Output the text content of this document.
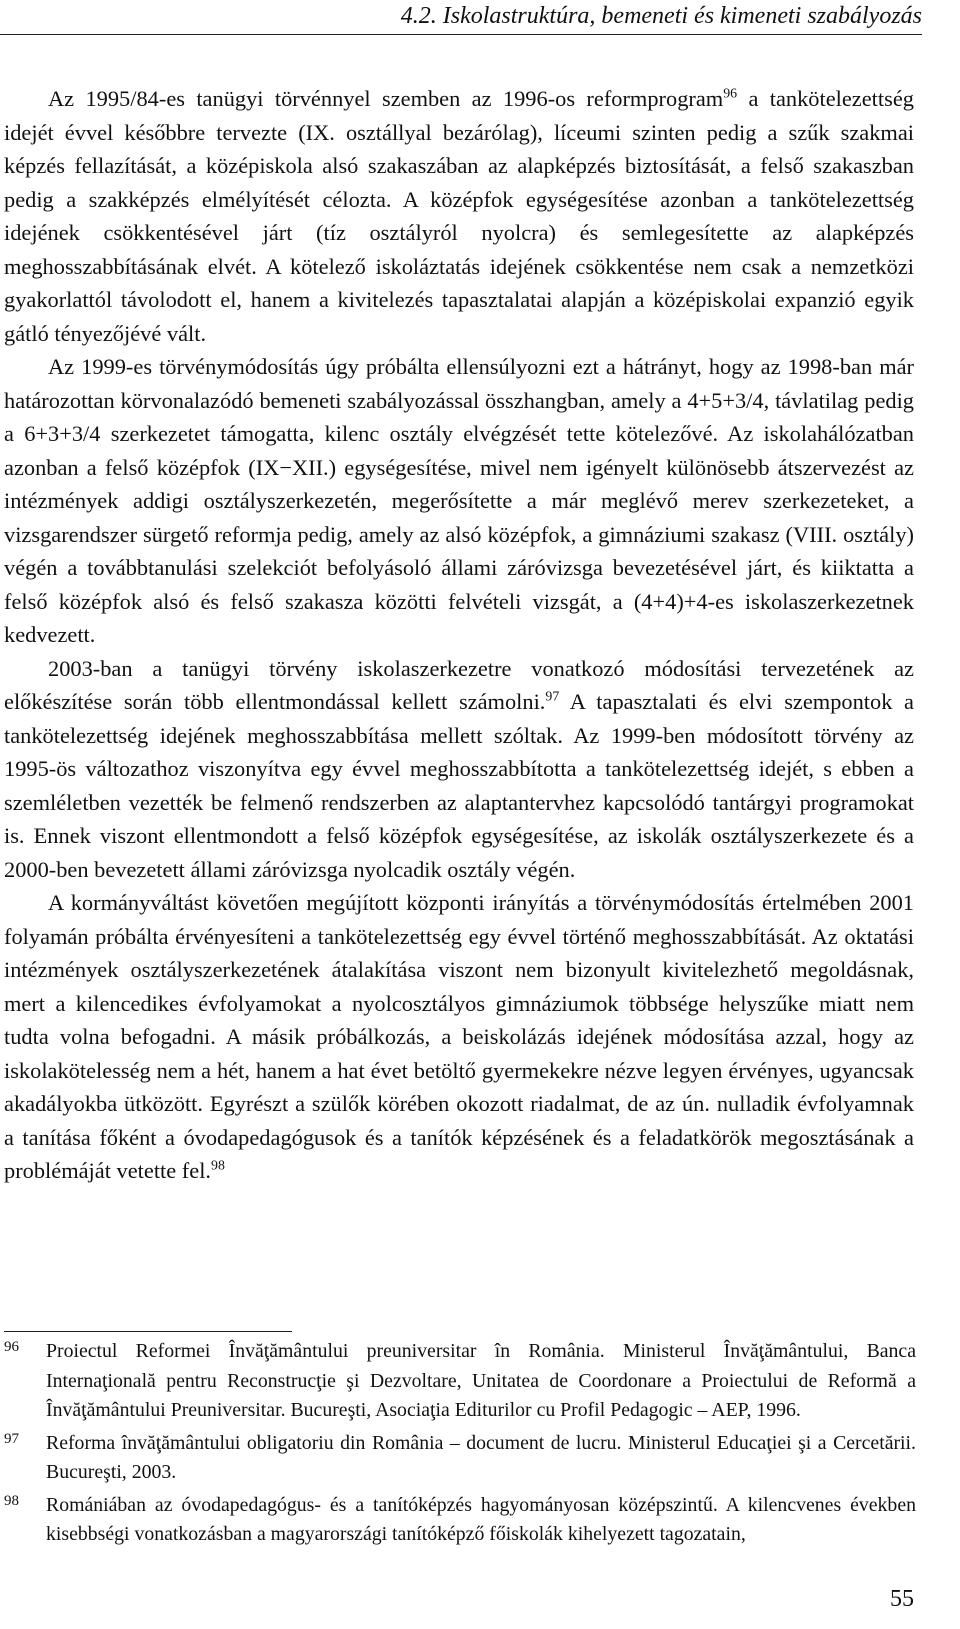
4.2. Iskolastruktúra, bemeneti és kimeneti szabályozás

Az 1995/84-es tanügyi törvénnyel szemben az 1996-os reformprogram$^{96}$ a tankötelezettség idejét évvel későbbre tervezte (IX. osztállyal bezárólag), líceumi szinten pedig a szűk szakmai képzés fellazítását, a középiskola alsó szakaszában az alapképzés biztosítását, a felső szakaszban pedig a szakképzés elmélyítését célozta. A középfok egységesítése azonban a tankötelezettség idejének csökkentésével járt (tíz osztályról nyolcra) és semlegesítette az alapképzés meghosszabbításának elvét. A kötelező iskoláztatás idejének csökkentése nem csak a nemzetközi gyakorlattól távolodott el, hanem a kivitelezés tapasztalatai alapján a középiskolai expanzió egyik gátló tényezőjévé vált.

Az 1999-es törvénymódosítás úgy próbálta ellensúlyozni ezt a hátrányt, hogy az 1998-ban már határozottan körvonalazódó bemeneti szabályozással összhangban, amely a 4+5+3/4, távlatilag pedig a 6+3+3/4 szerkezetet támogatta, kilenc osztály elvégzését tette kötelezővé. Az iskolahálózatban azonban a felső középfok (IX−XII.) egységesítése, mivel nem igényelt különösebb átszervezést az intézmények addigi osztályszerkezetén, megerősítette a már meglévő merev szerkezeteket, a vizsgarendszer sürgető reformja pedig, amely az alsó középfok, a gimnáziumi szakasz (VIII. osztály) végén a továbbtanulási szelekciót befolyásoló állami záróvizsga bevezetésével járt, és kiiktatta a felső középfok alsó és felső szakasza közötti felvételi vizsgát, a (4+4)+4-es iskolaszerkezetnek kedvezett.

2003-ban a tanügyi törvény iskolaszerkezetre vonatkozó módosítási tervezetének az előkészítése során több ellentmondással kellett számolni.$^{97}$ A tapasztalati és elvi szempontok a tankötelezettség idejének meghosszabbítása mellett szóltak. Az 1999-ben módosított törvény az 1995-ös változathoz viszonyítva egy évvel meghosszabbította a tankötelezettség idejét, s ebben a szemléletben vezették be felmenő rendszerben az alaptantervhez kapcsolódó tantárgyi programokat is. Ennek viszont ellentmondott a felső középfok egységesítése, az iskolák osztályszerkezete és a 2000-ben bevezetett állami záróvizsga nyolcadik osztály végén.

A kormányváltást követően megújított központi irányítás a törvénymódosítás értelmében 2001 folyamán próbálta érvényesíteni a tankötelezettség egy évvel történő meghosszabbítását. Az oktatási intézmények osztályszerkezetének átalakítása viszont nem bizonyult kivitelezhető megoldásnak, mert a kilencedikes évfolyamokat a nyolcosztályos gimnáziumok többsége helyszűke miatt nem tudta volna befogadni. A másik próbálkozás, a beiskolázás idejének módosítása azzal, hogy az iskolakötelesség nem a hét, hanem a hat évet betöltő gyermekekre nézve legyen érvényes, ugyancsak akadályokba ütközött. Egyrészt a szülők körében okozott riadalmat, de az ún. nulladik évfolyamnak a tanítása főként a óvodapedagógusok és a tanítók képzésének és a feladatkörök megosztásának a problémáját vetette fel.$^{98}$

96 Proiectul Reformei Învăţământului preuniversitar în România. Ministerul Învăţământului, Banca Internaţională pentru Reconstrucţie şi Dezvoltare, Unitatea de Coordonare a Proiectului de Reformă a Învăţământului Preuniversitar. Bucureşti, Asociaţia Editurilor cu Profil Pedagogic – AEP, 1996.
97 Reforma învăţământului obligatoriu din România – document de lucru. Ministerul Educaţiei şi a Cercetării. Bucureşti, 2003.
98 Romániában az óvodapedagógus- és a tanítóképzés hagyományosan középszintű. A kilencvenes években kisebbségi vonatkozásban a magyarországi tanítóképző főiskolák kihelyezett tagozatain,
55
